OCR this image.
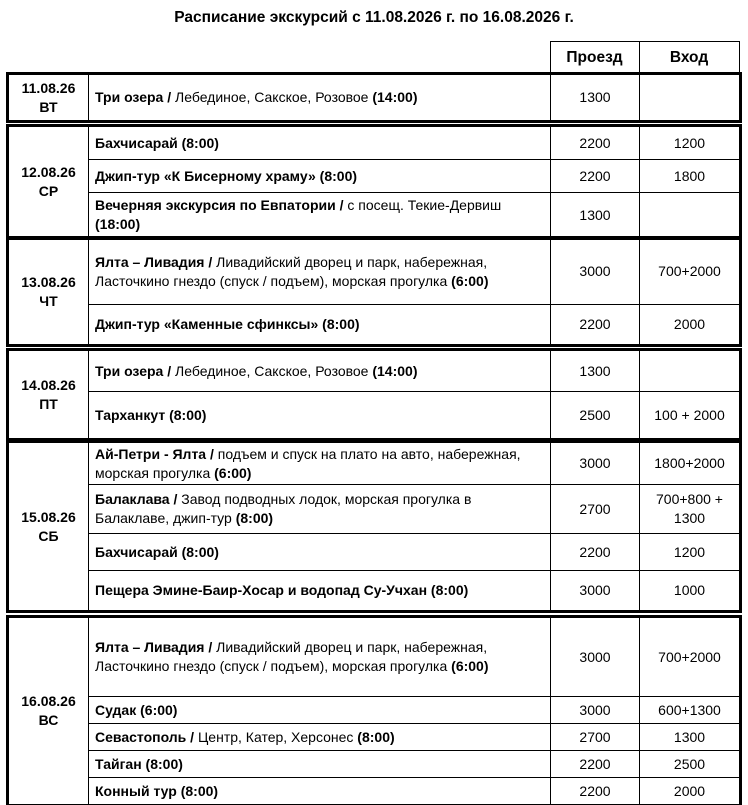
Расписание экскурсий с 11.08.2026 г. по 16.08.2026 г.
		Проезд	Вход
11.08.26
ВТ
	Три озера / Лебединое, Сакское, Розовое (14:00)	1300	
12.08.26
СР	Бахчисарай (8:00)	2200	1200
	Джип-тур «К Бисерному храму» (8:00)	2200	1800
	Вечерняя экскурсия по Евпатории / с посещ. Текие-Дервиш (18:00)	1300	
13.08.26
ЧТ	Ялта – Ливадия / Ливадийский дворец и парк, набережная, Ласточкино гнездо (спуск / подъем), морская прогулка (6:00)	3000	700+2000
	Джип-тур «Каменные сфинксы» (8:00)	2200	2000
14.08.26
ПТ	Три озера / Лебединое, Сакское, Розовое (14:00)	1300	
	Тарханкут (8:00)	2500	100 + 2000
15.08.26
СБ	Ай-Петри - Ялта / подъем и спуск на плато на авто, набережная, морская прогулка (6:00)	3000	1800+2000
	Балаклава / Завод подводных лодок, морская прогулка в Балаклаве, джип-тур (8:00)	2700	700+800 + 1300
	Бахчисарай (8:00)	2200	1200
	Пещера Эмине-Баир-Хосар и водопад Су-Учхан (8:00)	3000	1000
16.08.26
ВС	Ялта – Ливадия / Ливадийский дворец и парк, набережная, Ласточкино гнездо (спуск / подъем), морская прогулка (6:00)	3000	700+2000
	Судак (6:00)	3000	600+1300
	Севастополь / Центр, Катер, Херсонес (8:00)	2700	1300
	Тайган (8:00)	2200	2500
	Конный тур (8:00)	2200	2000
